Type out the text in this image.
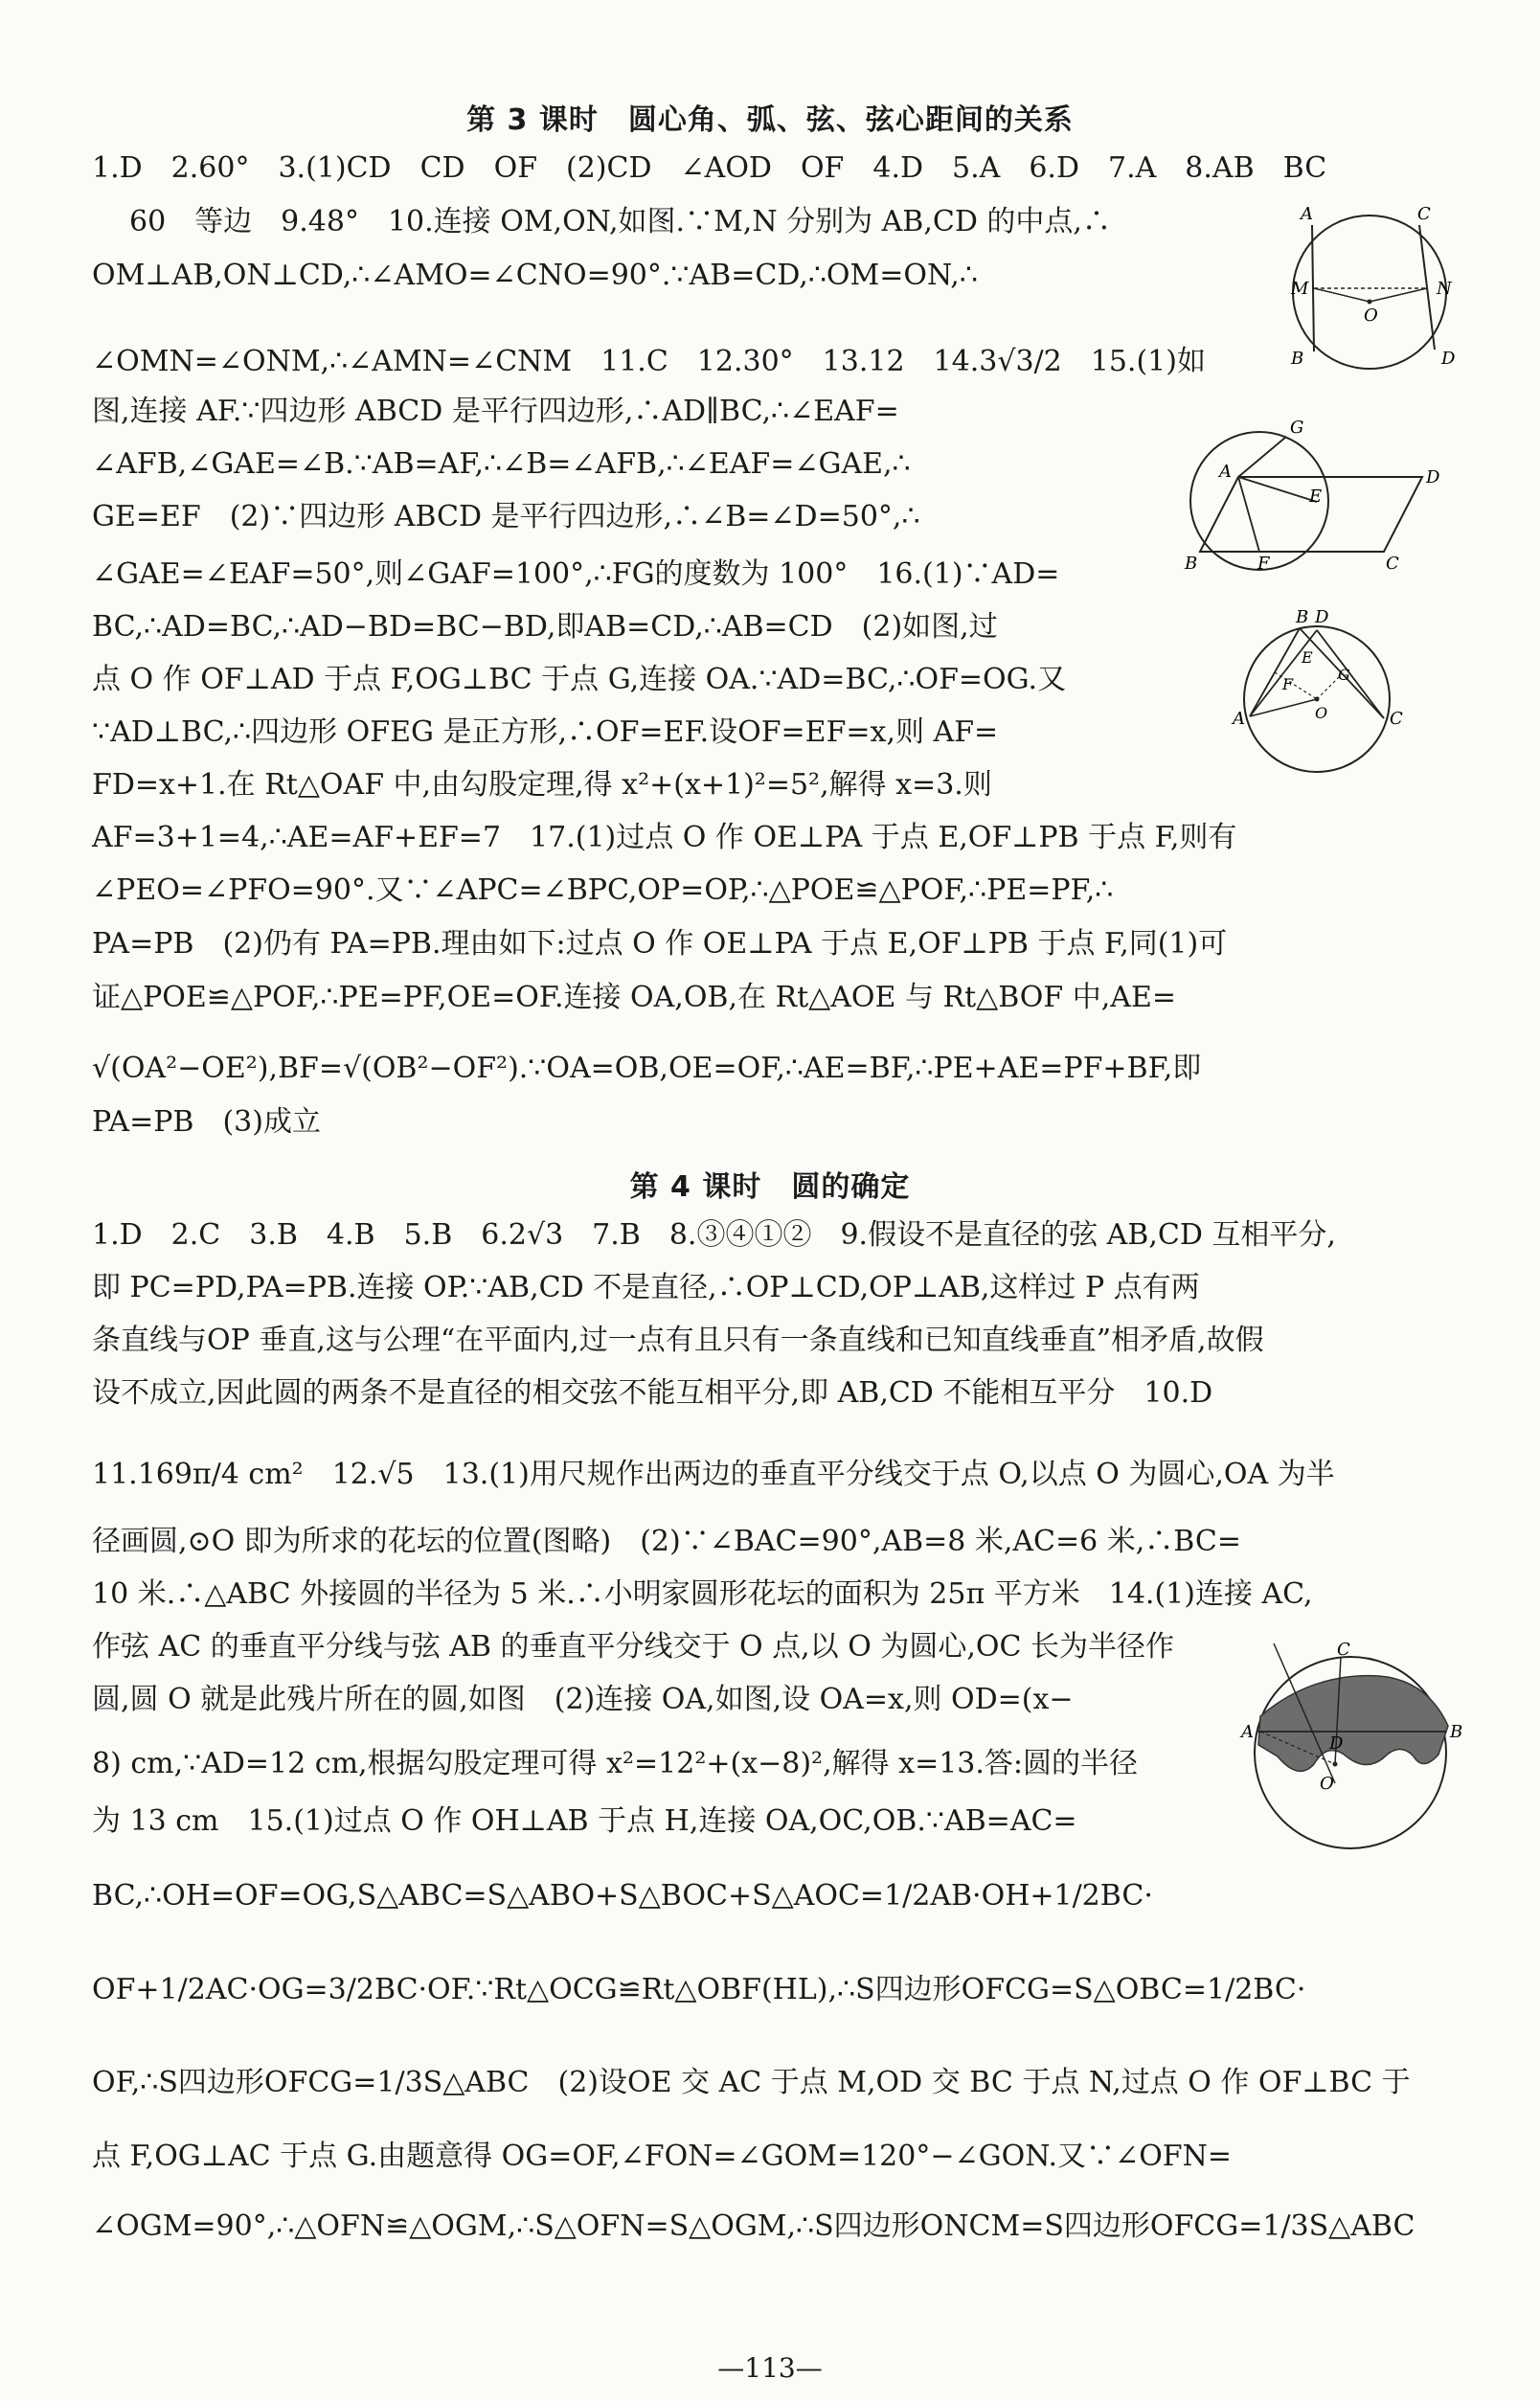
第 3 课时　圆心角、弧、弦、弦心距间的关系
1.D　2.60°　3.(1)CD　CD　OF　(2)CD　∠AOD　OF　4.D　5.A　6.D　7.A　8.AB　BC
60　等边　9.48°　10.连接 OM,ON,如图.∵M,N 分别为 AB,CD 的中点,∴
OM⊥AB,ON⊥CD,∴∠AMO=∠CNO=90°.∵AB=CD,∴OM=ON,∴
∠OMN=∠ONM,∴∠AMN=∠CNM　11.C　12.30°　13.12　14.3√3/2　15.(1)如
图,连接 AF.∵四边形 ABCD 是平行四边形,∴AD∥BC,∴∠EAF=
∠AFB,∠GAE=∠B.∵AB=AF,∴∠B=∠AFB,∴∠EAF=∠GAE,∴
GE=EF　(2)∵四边形 ABCD 是平行四边形,∴∠B=∠D=50°,∴
∠GAE=∠EAF=50°,则∠GAF=100°,∴FG的度数为 100°　16.(1)∵AD=
BC,∴AD=BC,∴AD−BD=BC−BD,即AB=CD,∴AB=CD　(2)如图,过
点 O 作 OF⊥AD 于点 F,OG⊥BC 于点 G,连接 OA.∵AD=BC,∴OF=OG.又
∵AD⊥BC,∴四边形 OFEG 是正方形,∴OF=EF.设OF=EF=x,则 AF=
FD=x+1.在 Rt△OAF 中,由勾股定理,得 x²+(x+1)²=5²,解得 x=3.则
AF=3+1=4,∴AE=AF+EF=7　17.(1)过点 O 作 OE⊥PA 于点 E,OF⊥PB 于点 F,则有
∠PEO=∠PFO=90°.又∵∠APC=∠BPC,OP=OP,∴△POE≌△POF,∴PE=PF,∴
PA=PB　(2)仍有 PA=PB.理由如下:过点 O 作 OE⊥PA 于点 E,OF⊥PB 于点 F,同(1)可
证△POE≌△POF,∴PE=PF,OE=OF.连接 OA,OB,在 Rt△AOE 与 Rt△BOF 中,AE=
√(OA²−OE²),BF=√(OB²−OF²).∵OA=OB,OE=OF,∴AE=BF,∴PE+AE=PF+BF,即
PA=PB　(3)成立
第 4 课时　圆的确定
1.D　2.C　3.B　4.B　5.B　6.2√3　7.B　8.③④①②　9.假设不是直径的弦 AB,CD 互相平分,
即 PC=PD,PA=PB.连接 OP.∵AB,CD 不是直径,∴OP⊥CD,OP⊥AB,这样过 P 点有两
条直线与OP 垂直,这与公理“在平面内,过一点有且只有一条直线和已知直线垂直”相矛盾,故假
设不成立,因此圆的两条不是直径的相交弦不能互相平分,即 AB,CD 不能相互平分　10.D
11.169π/4 cm²　12.√5　13.(1)用尺规作出两边的垂直平分线交于点 O,以点 O 为圆心,OA 为半
径画圆,⊙O 即为所求的花坛的位置(图略)　(2)∵∠BAC=90°,AB=8 米,AC=6 米,∴BC=
10 米.∴△ABC 外接圆的半径为 5 米.∴小明家圆形花坛的面积为 25π 平方米　14.(1)连接 AC,
作弦 AC 的垂直平分线与弦 AB 的垂直平分线交于 O 点,以 O 为圆心,OC 长为半径作
圆,圆 O 就是此残片所在的圆,如图　(2)连接 OA,如图,设 OA=x,则 OD=(x−
8) cm,∵AD=12 cm,根据勾股定理可得 x²=12²+(x−8)²,解得 x=13.答:圆的半径
为 13 cm　15.(1)过点 O 作 OH⊥AB 于点 H,连接 OA,OC,OB.∵AB=AC=
BC,∴OH=OF=OG,S△ABC=S△ABO+S△BOC+S△AOC=1/2AB·OH+1/2BC·
OF+1/2AC·OG=3/2BC·OF.∵Rt△OCG≌Rt△OBF(HL),∴S四边形OFCG=S△OBC=1/2BC·
OF,∴S四边形OFCG=1/3S△ABC　(2)设OE 交 AC 于点 M,OD 交 BC 于点 N,过点 O 作 OF⊥BC 于
点 F,OG⊥AC 于点 G.由题意得 OG=OF,∠FON=∠GOM=120°−∠GON.又∵∠OFN=
∠OGM=90°,∴△OFN≌△OGM,∴S△OFN=S△OGM,∴S四边形ONCM=S四边形OFCG=1/3S△ABC
A	C
M
O
N
B	D
G
A
E
D
B	F	C
B D
E
F
O
G
A	C
C
A
D
B
O
—113—
